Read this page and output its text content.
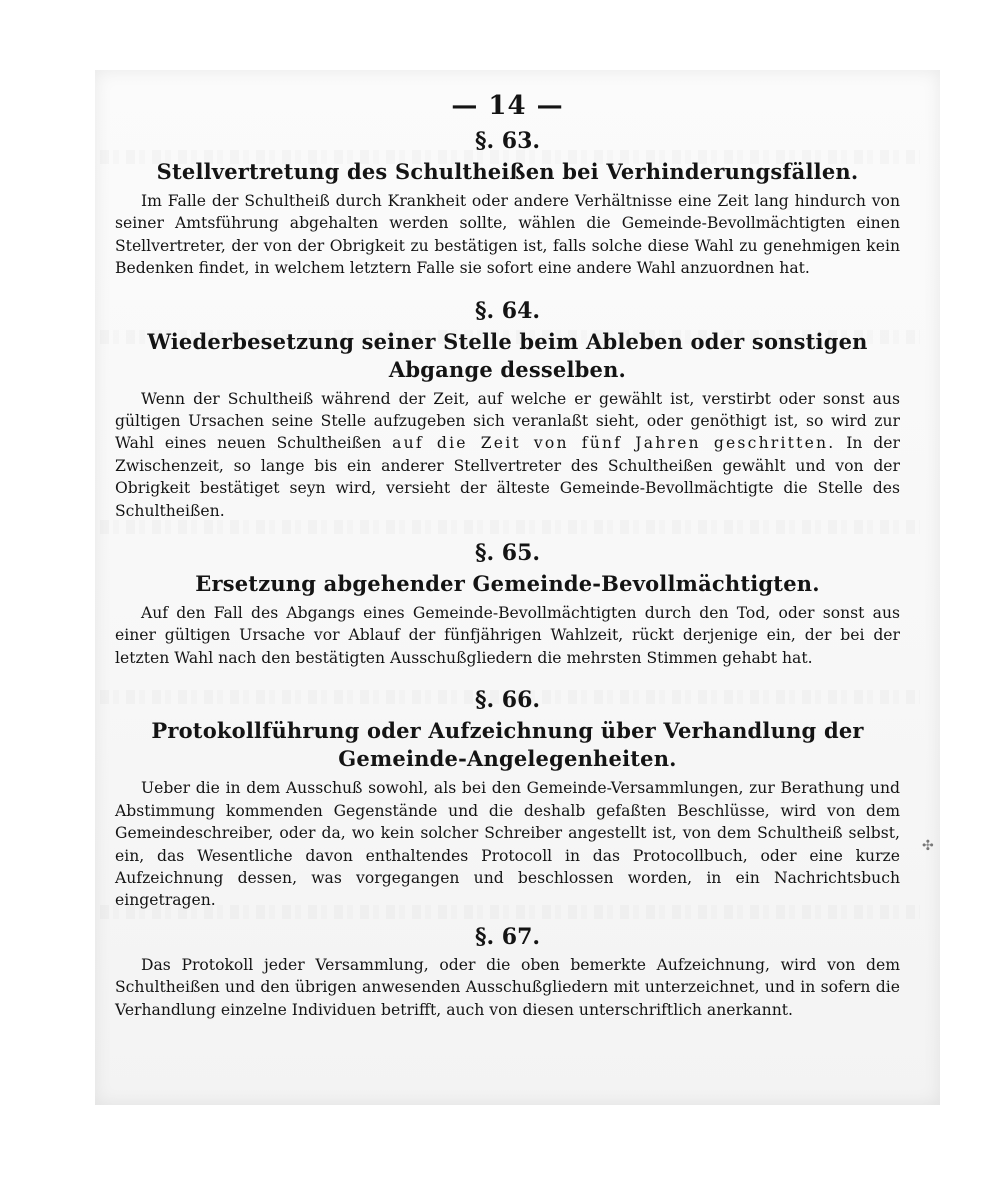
— 14 —
§. 63.
Stellvertretung des Schultheißen bei Verhinderungsfällen.
Im Falle der Schultheiß durch Krankheit oder andere Verhältnisse eine Zeit lang hindurch von seiner Amtsführung abgehalten werden sollte, wählen die Gemeinde-Bevollmächtigten einen Stellvertreter, der von der Obrigkeit zu bestätigen ist, falls solche diese Wahl zu genehmigen kein Bedenken findet, in welchem letztern Falle sie sofort eine andere Wahl anzuordnen hat.
§. 64.
Wiederbesetzung seiner Stelle beim Ableben oder sonstigen Abgange desselben.
Wenn der Schultheiß während der Zeit, auf welche er gewählt ist, verstirbt oder sonst aus gültigen Ursachen seine Stelle aufzugeben sich veranlaßt sieht, oder genöthigt ist, so wird zur Wahl eines neuen Schultheißen auf die Zeit von fünf Jahren geschritten. In der Zwischenzeit, so lange bis ein anderer Stellvertreter des Schultheißen gewählt und von der Obrigkeit bestätiget seyn wird, versieht der älteste Gemeinde-Bevollmächtigte die Stelle des Schultheißen.
§. 65.
Ersetzung abgehender Gemeinde-Bevollmächtigten.
Auf den Fall des Abgangs eines Gemeinde-Bevollmächtigten durch den Tod, oder sonst aus einer gültigen Ursache vor Ablauf der fünfjährigen Wahlzeit, rückt derjenige ein, der bei der letzten Wahl nach den bestätigten Ausschußgliedern die mehrsten Stimmen gehabt hat.
§. 66.
Protokollführung oder Aufzeichnung über Verhandlung der Gemeinde-Angelegenheiten.
Ueber die in dem Ausschuß sowohl, als bei den Gemeinde-Versammlungen, zur Berathung und Abstimmung kommenden Gegenstände und die deshalb gefaßten Beschlüsse, wird von dem Gemeindeschreiber, oder da, wo kein solcher Schreiber angestellt ist, von dem Schultheiß selbst, ein, das Wesentliche davon enthaltendes Protocoll in das Protocollbuch, oder eine kurze Aufzeichnung dessen, was vorgegangen und beschlossen worden, in ein Nachrichtsbuch eingetragen.
§. 67.
Das Protokoll jeder Versammlung, oder die oben bemerkte Aufzeichnung, wird von dem Schultheißen und den übrigen anwesenden Ausschußgliedern mit unterzeichnet, und in sofern die Verhandlung einzelne Individuen betrifft, auch von diesen unterschriftlich anerkannt.
✣
